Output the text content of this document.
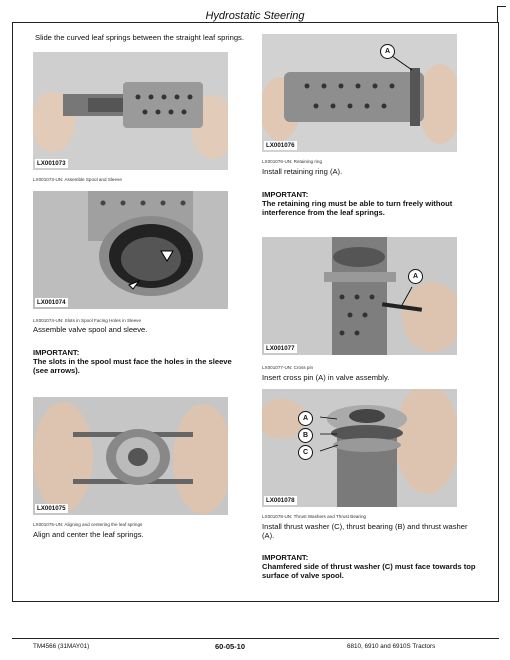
Hydrostatic Steering
Slide the curved leaf springs between the straight leaf springs.
LX001073
LX001073-UN: Assemble Spool and Sleeve
LX001074
LX001074-UN: Slots in Spool Facing Holes in Sleeve
Assemble valve spool and sleeve.
IMPORTANT:
The slots in the spool must face the holes in the sleeve (see arrows).
LX001075
LX001075-UN: Aligning and centering the leaf springs
Align and center the leaf springs.
A
LX001076
LX001076-UN: Retaining ring
Install retaining ring (A).
IMPORTANT:
The retaining ring must be able to turn freely without interference from the leaf springs.
A
LX001077
LX001077-UN: Cross pin
Insert cross pin (A) in valve assembly.
A
B
C
LX001078
LX001078-UN: Thrust Washers and Thrust Bearing
Install thrust washer (C), thrust bearing (B) and thrust washer (A).
IMPORTANT:
Chamfered side of thrust washer (C) must face towards top surface of valve spool.
TM4566 (31MAY01)	60-05-10	6810, 6910 and 6910S Tractors
